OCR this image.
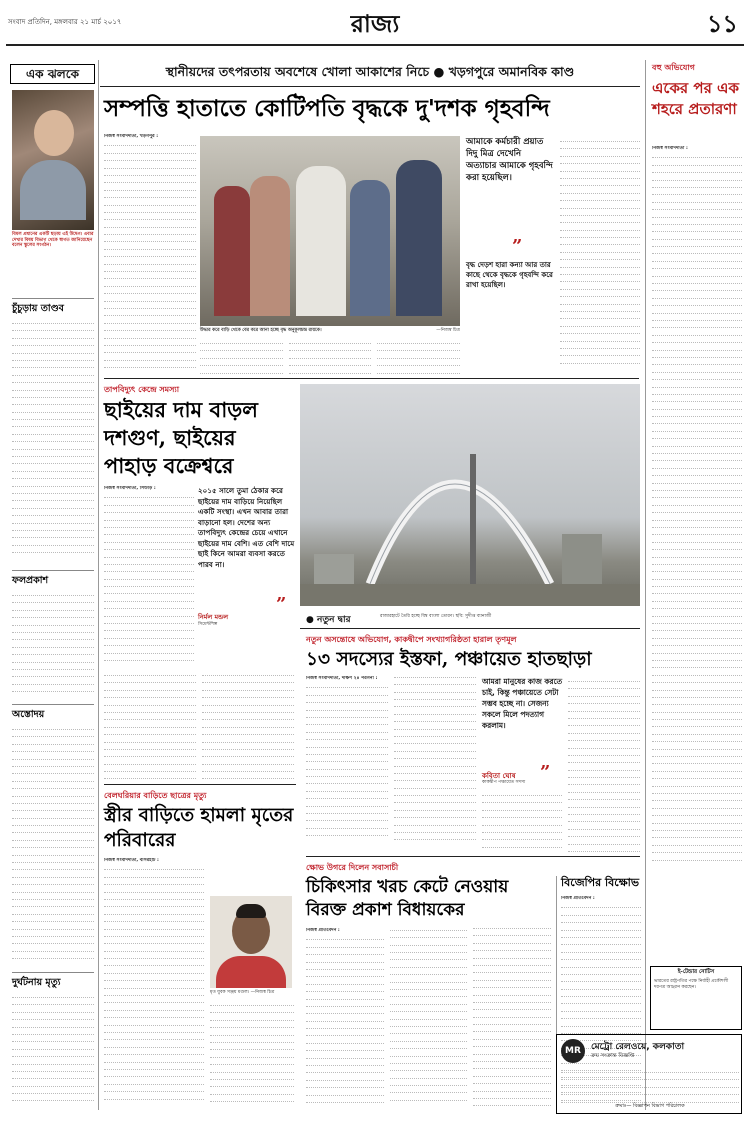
সংবাদ প্রতিদিন, মঙ্গলবার ২১ মার্চ ২০১৭	রাজ্য	১১
এক ঝলকে	স্থানীয়দের তৎপরতায় অবশেষে খোলা আকাশের নিচে ● খড়গপুরে অমানবিক কাণ্ড
বিমল প্রধানের একটি ছড়ায় এই উদ্বেগ। এবার দেখার বিষয় বিভাগ থেকে স্বাগত জানিয়েছেন বলেন স্কুলের সংগঠন।
চুঁচুড়ায় তাণ্ডব
ফলপ্রকাশ
অস্তোদয়
দুর্ঘটনায় মৃত্যু
সম্পত্তি হাতাতে কোটিপতি বৃদ্ধকে দু'দশক গৃহবন্দি
নিজস্ব সংবাদদাতা, খড়গপুর :
উদ্ধার করে বাড়ি থেকে বের করে আনা হচ্ছে বৃদ্ধ অনুকূলচন্দ্র রায়কে।	—নিজস্ব চিত্র
আমাকে কর্মচারী প্রয়াত দিদু মিত্র দেখেনি অত্যাচার আমাকে গৃহবন্দি করা হয়েছিল।
”
বৃদ্ধ দেড়শ হারা কন্যা আর তার কাছে থেকে বৃদ্ধকে গৃহবন্দি করে রাখা হয়েছিল।
তাপবিদ্যুৎ কেন্দ্রে সমস্যা
ছাইয়ের দাম বাড়ল দশগুণ, ছাইয়ের পাহাড় বক্রেশ্বরে
নিজস্ব সংবাদদাতা, সিউড়ি :	২০১৫ সালে তুমা ঠেকার করে ছাইয়ের দাম বাড়িয়ে নিয়েছিল একটি সংস্থা। এখন আবার তারা বাড়ানো হল। দেশের অন্য তাপবিদ্যুৎ কেন্দ্রের চেয়ে এখানে ছাইয়ের দাম বেশি। এত বেশি দামে ছাই কিনে আমরা ব্যবসা করতে পারব না।
”
নির্মল মন্ডল
সিমেন্টশিল্প	● নতুন দ্বার	রাজারহাটে তৈরি হচ্ছে বিশ্ব বাংলা তোরণ। ছবি: সুদীপ্ত ব্যানার্জী
নতুন অসন্তোষে অভিযোগ, কাকদ্বীপে সংখ্যাগরিষ্ঠতা হারাল তৃণমূল
১৩ সদস্যের ইস্তফা, পঞ্চায়েত হাতছাড়া
নিজস্ব সংবাদদাতা, দক্ষিণ ২৪ পরগনা :	আমরা মানুষের কাজ করতে চাই, কিন্তু পঞ্চায়েতে সেটা সম্ভব হচ্ছে না। সেজন্য সকলে মিলে পদত্যাগ করলাম।
কবিতা ঘোষ ”
কাকদ্বীপ পঞ্চায়েত সদস্য
বেলঘরিয়ার বাড়িতে ছাত্রের মৃত্যু
স্ত্রীর বাড়িতে হামলা মৃতের পরিবারের
নিজস্ব সংবাদদাতা, বসিরহাট :
মৃত যুবক সঞ্জয় মণ্ডল। —নিজস্ব চিত্র
ক্ষোভ উগরে দিলেন সবাসাচী
চিকিৎসার খরচ কেটে নেওয়ায় বিরক্ত প্রকাশ বিধায়কের
নিজস্ব প্রতিবেদন :
বিজেপির বিক্ষোভ
নিজস্ব প্রতিবেদন :
বহু অভিযোগ
একের পর এক শহরে প্রতারণা
নিজস্ব সংবাদদাতা :
ই-টেন্ডার নোটিস
ভারতের রাষ্ট্রপতির পক্ষে নির্বাহী প্রকৌশলী দরপত্র আহ্বান করছেন।
MR	মেট্রো রেলওয়ে, কলকাতা
ক্রয় সংক্রান্ত বিজ্ঞপ্তি
ক্রমাঃ— বিজ্ঞাপন বিভাগ পরিচালক
